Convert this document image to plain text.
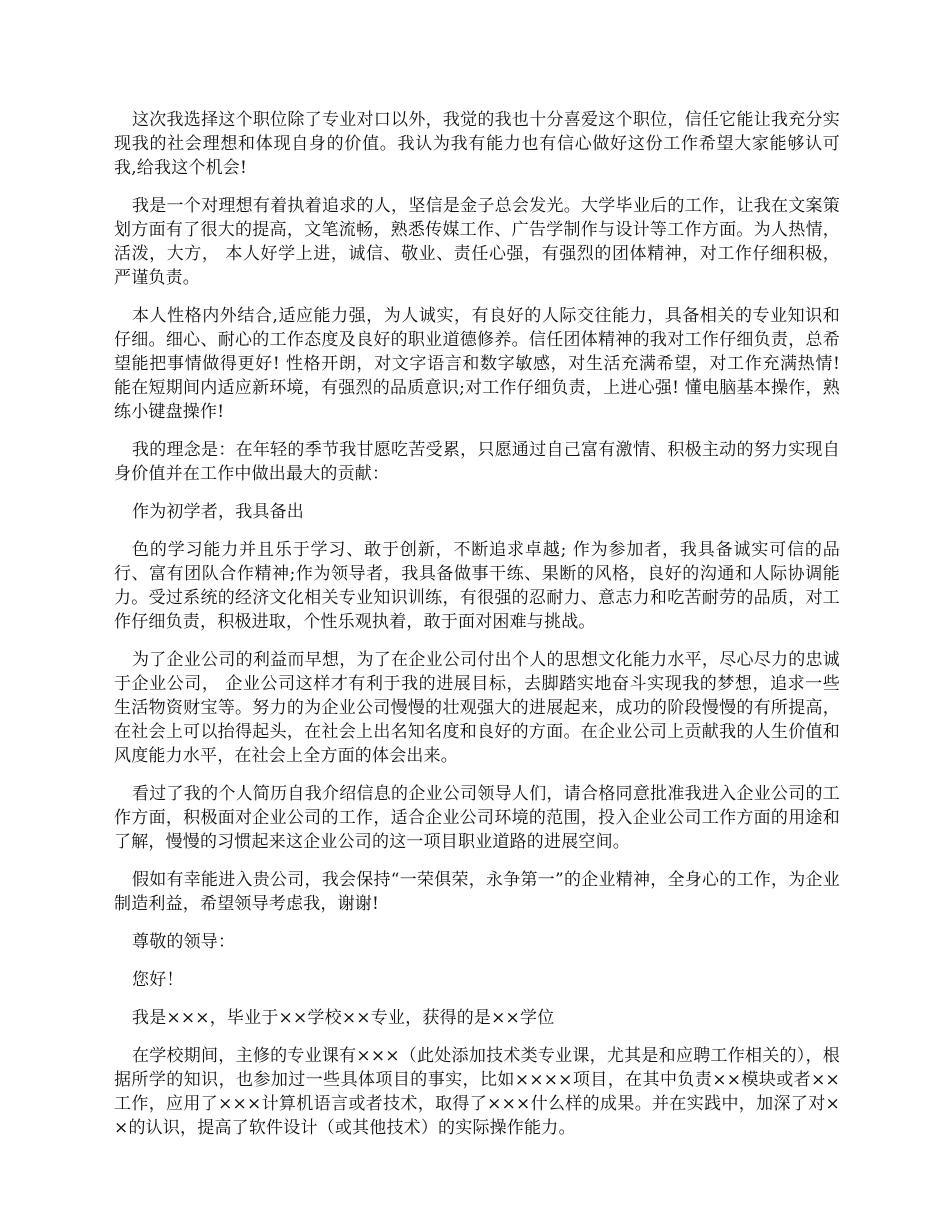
这次我选择这个职位除了专业对口以外，我觉的我也十分喜爱这个职位，信任它能让我充分实现我的社会理想和体现自身的价值。我认为我有能力也有信心做好这份工作希望大家能够认可我,给我这个机会!

我是一个对理想有着执着追求的人，坚信是金子总会发光。大学毕业后的工作，让我在文案策划方面有了很大的提高，文笔流畅，熟悉传媒工作、广告学制作与设计等工作方面。为人热情，活泼，大方， 本人好学上进，诚信、敬业、责任心强，有强烈的团体精神，对工作仔细积极，严谨负责。

本人性格内外结合,适应能力强，为人诚实，有良好的人际交往能力，具备相关的专业知识和仔细。细心、耐心的工作态度及良好的职业道德修养。信任团体精神的我对工作仔细负责，总希望能把事情做得更好! 性格开朗，对文字语言和数字敏感，对生活充满希望，对工作充满热情! 能在短期间内适应新环境，有强烈的品质意识;对工作仔细负责，上进心强! 懂电脑基本操作，熟练小键盘操作!

我的理念是：在年轻的季节我甘愿吃苦受累，只愿通过自己富有激情、积极主动的努力实现自身价值并在工作中做出最大的贡献：

作为初学者，我具备出

色的学习能力并且乐于学习、敢于创新，不断追求卓越; 作为参加者，我具备诚实可信的品行、富有团队合作精神;作为领导者，我具备做事干练、果断的风格，良好的沟通和人际协调能力。受过系统的经济文化相关专业知识训练，有很强的忍耐力、意志力和吃苦耐劳的品质，对工作仔细负责，积极进取，个性乐观执着，敢于面对困难与挑战。

为了企业公司的利益而早想，为了在企业公司付出个人的思想文化能力水平，尽心尽力的忠诚于企业公司， 企业公司这样才有利于我的进展目标，去脚踏实地奋斗实现我的梦想，追求一些生活物资财宝等。努力的为企业公司慢慢的壮观强大的进展起来，成功的阶段慢慢的有所提高，在社会上可以抬得起头，在社会上出名知名度和良好的方面。在企业公司上贡献我的人生价值和风度能力水平，在社会上全方面的体会出来。

看过了我的个人简历自我介绍信息的企业公司领导人们，请合格同意批准我进入企业公司的工作方面，积极面对企业公司的工作，适合企业公司环境的范围，投入企业公司工作方面的用途和了解，慢慢的习惯起来这企业公司的这一项目职业道路的进展空间。

假如有幸能进入贵公司，我会保持“一荣俱荣，永争第一”的企业精神，全身心的工作，为企业制造利益，希望领导考虑我，谢谢!

尊敬的领导：

您好！

我是×××，毕业于××学校××专业，获得的是××学位

在学校期间，主修的专业课有×××（此处添加技术类专业课，尤其是和应聘工作相关的），根据所学的知识，也参加过一些具体项目的事实，比如××××项目，在其中负责××模块或者××工作，应用了×××计算机语言或者技术，取得了×××什么样的成果。并在实践中，加深了对××的认识，提高了软件设计（或其他技术）的实际操作能力。
